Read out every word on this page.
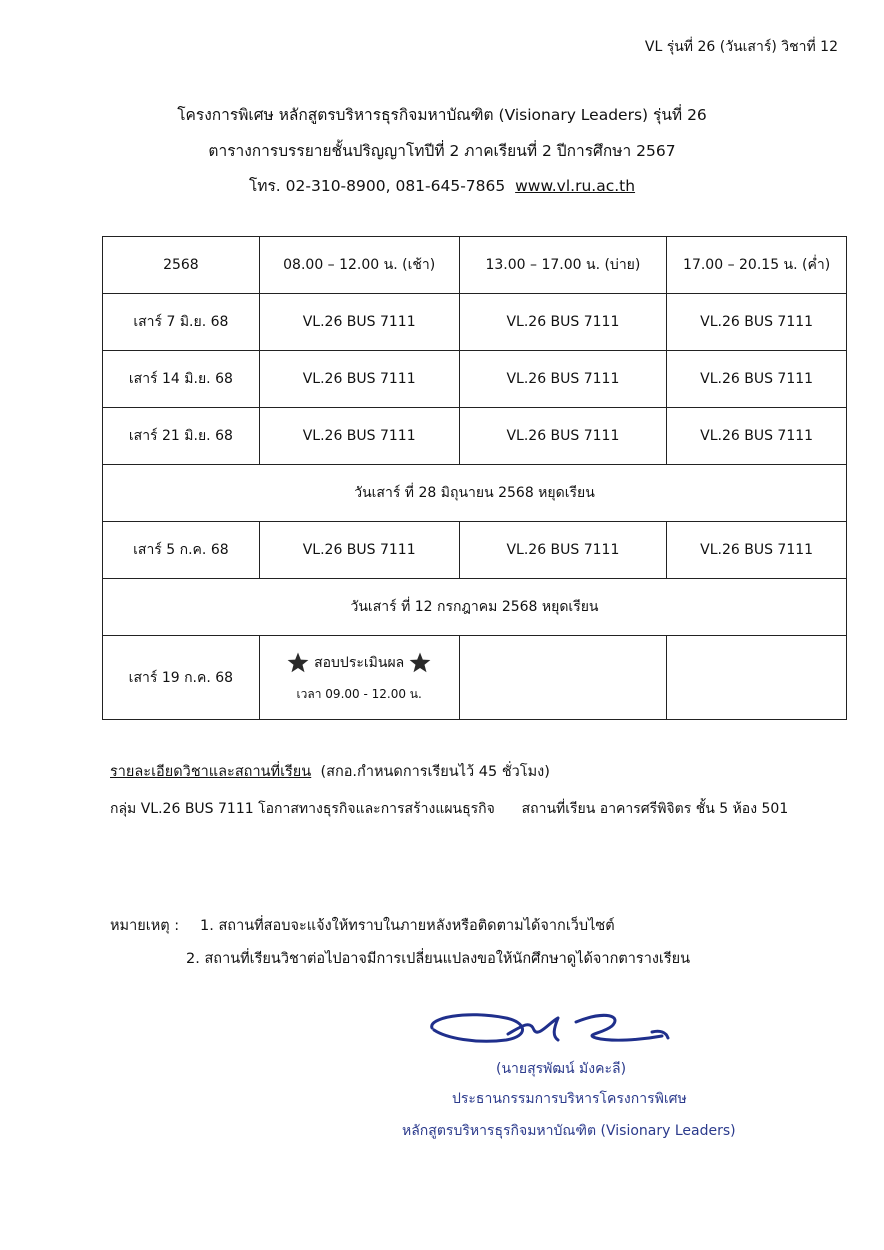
VL รุ่นที่ 26 (วันเสาร์) วิชาที่ 12
โครงการพิเศษ หลักสูตรบริหารธุรกิจมหาบัณฑิต (Visionary Leaders) รุ่นที่ 26
ตารางการบรรยายชั้นปริญญาโทปีที่ 2 ภาคเรียนที่ 2 ปีการศึกษา 2567
โทร. 02-310-8900, 081-645-7865 www.vl.ru.ac.th
2568	08.00 – 12.00 น. (เช้า)	13.00 – 17.00 น. (บ่าย)	17.00 – 20.15 น. (ค่ำ)
เสาร์ 7 มิ.ย. 68	VL.26 BUS 7111	VL.26 BUS 7111	VL.26 BUS 7111
เสาร์ 14 มิ.ย. 68	VL.26 BUS 7111	VL.26 BUS 7111	VL.26 BUS 7111
เสาร์ 21 มิ.ย. 68	VL.26 BUS 7111	VL.26 BUS 7111	VL.26 BUS 7111
วันเสาร์ ที่ 28 มิถุนายน 2568 หยุดเรียน			
เสาร์ 5 ก.ค. 68	VL.26 BUS 7111	VL.26 BUS 7111	VL.26 BUS 7111
วันเสาร์ ที่ 12 กรกฎาคม 2568 หยุดเรียน			
เสาร์ 19 ก.ค. 68	สอบประเมินผล
เวลา 09.00 - 12.00 น.		

รายละเอียดวิชาและสถานที่เรียน (สกอ.กำหนดการเรียนไว้ 45 ชั่วโมง)
กลุ่ม VL.26 BUS 7111 โอกาสทางธุรกิจและการสร้างแผนธุรกิจ สถานที่เรียน อาคารศรีพิจิตร ชั้น 5 ห้อง 501
หมายเหตุ : 1. สถานที่สอบจะแจ้งให้ทราบในภายหลังหรือติดตามได้จากเว็บไซต์
2. สถานที่เรียนวิชาต่อไปอาจมีการเปลี่ยนแปลงขอให้นักศึกษาดูได้จากตารางเรียน
(นายสุรพัฒน์ มังคะลี)
ประธานกรรมการบริหารโครงการพิเศษ
หลักสูตรบริหารธุรกิจมหาบัณฑิต (Visionary Leaders)
